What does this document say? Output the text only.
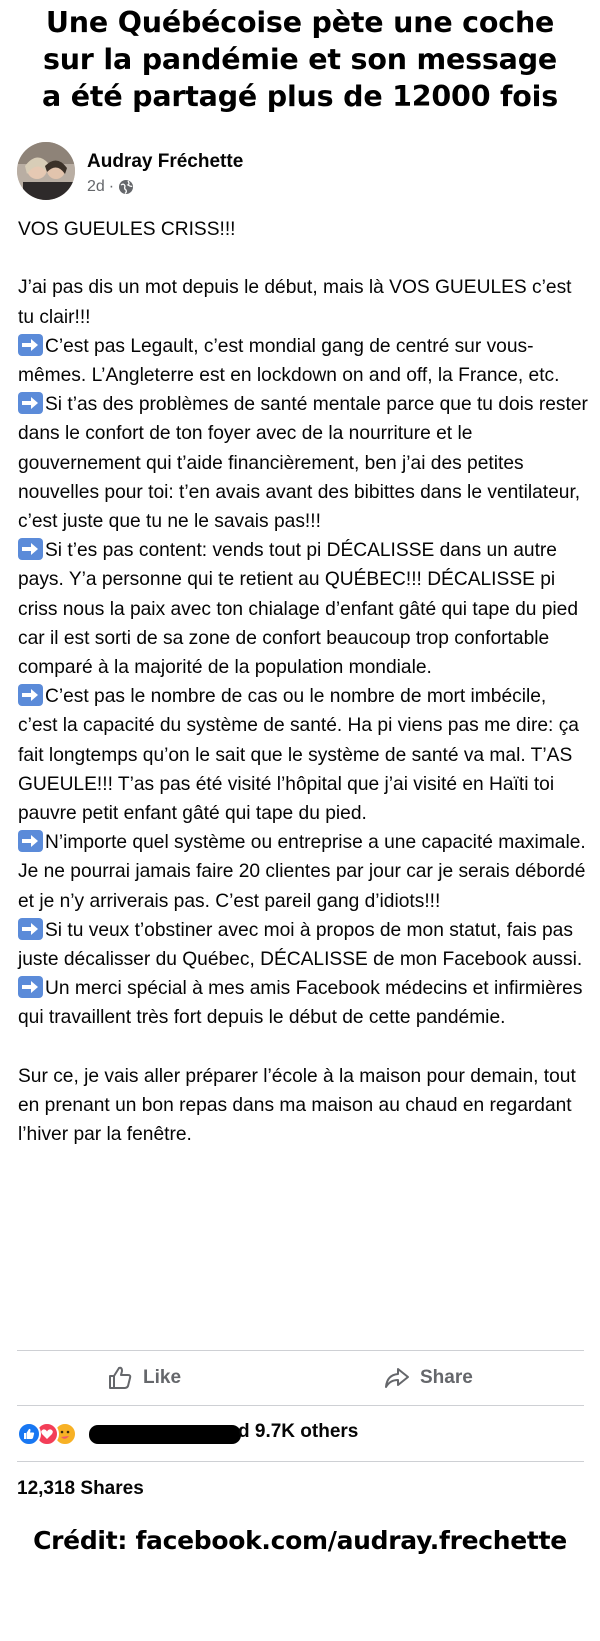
Une Québécoise pète une coche
sur la pandémie et son message
a été partagé plus de 12000 fois
Audray Fréchette
2d ·

VOS GUEULES CRISS!!!

J’ai pas dis un mot depuis le début, mais là VOS GUEULES c’est tu clair!!!

C’est pas Legault, c’est mondial gang de centré sur vous-mêmes. L’Angleterre est en lockdown on and off, la France, etc.

Si t’as des problèmes de santé mentale parce que tu dois rester dans le confort de ton foyer avec de la nourriture et le gouvernement qui t’aide financièrement, ben j’ai des petites nouvelles pour toi: t’en avais avant des bibittes dans le ventilateur, c’est juste que tu ne le savais pas!!!

Si t’es pas content: vends tout pi DÉCALISSE dans un autre pays. Y’a personne qui te retient au QUÉBEC!!! DÉCALISSE pi criss nous la paix avec ton chialage d’enfant gâté qui tape du pied car il est sorti de sa zone de confort beaucoup trop confortable comparé à la majorité de la population mondiale.

C’est pas le nombre de cas ou le nombre de mort imbécile, c’est la capacité du système de santé. Ha pi viens pas me dire: ça fait longtemps qu’on le sait que le système de santé va mal. T’AS GUEULE!!! T’as pas été visité l’hôpital que j’ai visité en Haïti toi pauvre petit enfant gâté qui tape du pied.

N’importe quel système ou entreprise a une capacité maximale. Je ne pourrai jamais faire 20 clientes par jour car je serais débordé et je n’y arriverais pas. C’est pareil gang d’idiots!!!

Si tu veux t’obstiner avec moi à propos de mon statut, fais pas juste décalisser du Québec, DÉCALISSE de mon Facebook aussi.

Un merci spécial à mes amis Facebook médecins et infirmières qui travaillent très fort depuis le début de cette pandémie.

Sur ce, je vais aller préparer l’école à la maison pour demain, tout en prenant un bon repas dans ma maison au chaud en regardant l’hiver par la fenêtre.

Like	Share
d 9.7K others
12,318 Shares
Crédit: facebook.com/audray.frechette
